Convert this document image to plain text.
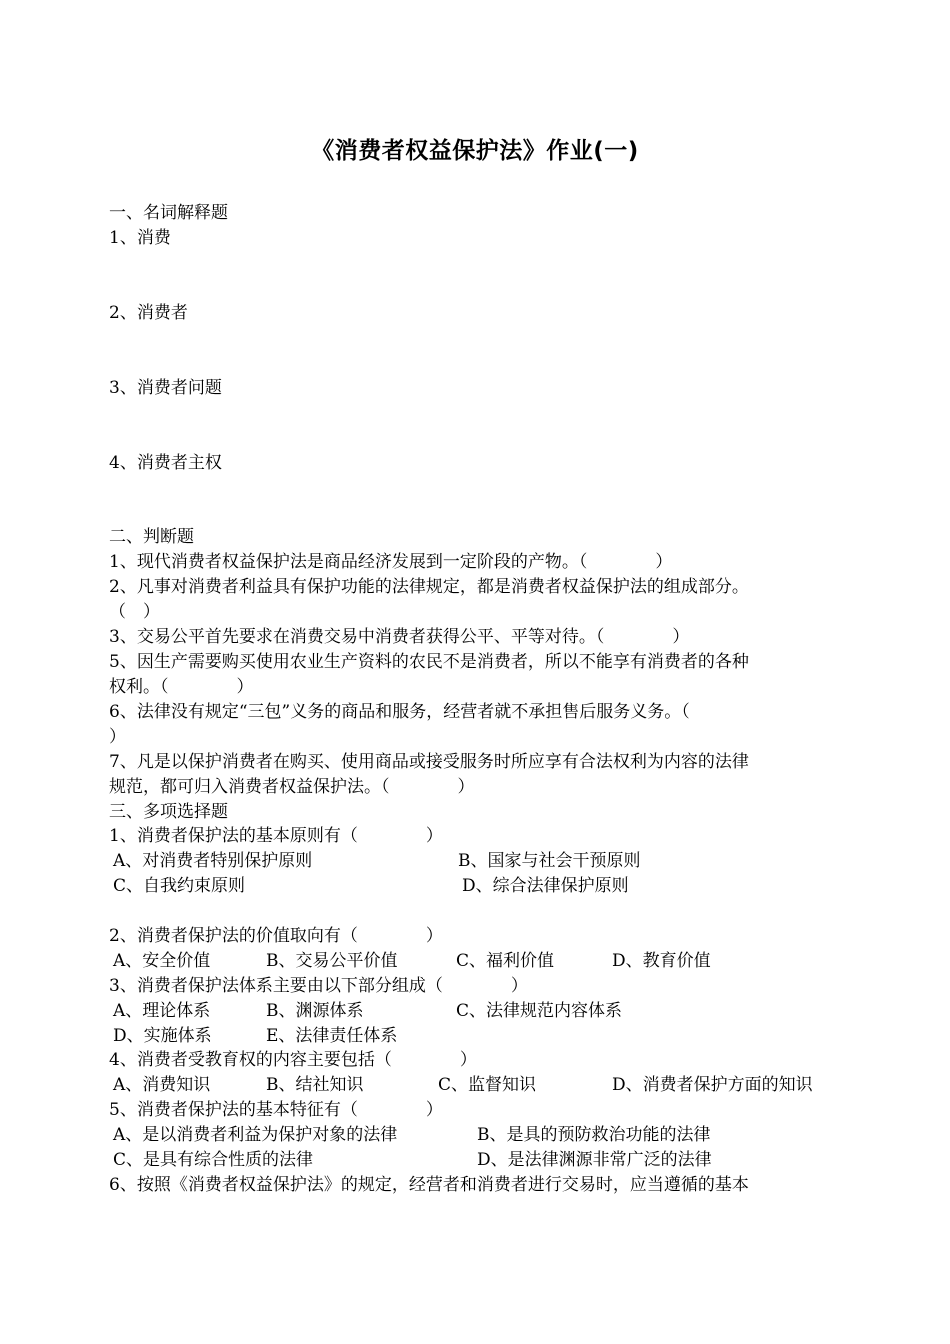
《消费者权益保护法》作业(一)
一、名词解释题
1、消费
2、消费者
3、消费者问题
4、消费者主权
二、判断题
1、现代消费者权益保护法是商品经济发展到一定阶段的产物。（　　　　）
2、凡事对消费者利益具有保护功能的法律规定，都是消费者权益保护法的组成部分。
（　）
3、交易公平首先要求在消费交易中消费者获得公平、平等对待。（　　　　）
5、因生产需要购买使用农业生产资料的农民不是消费者，所以不能享有消费者的各种
权利。（　　　　）
6、法律没有规定“三包”义务的商品和服务，经营者就不承担售后服务义务。（
）
7、凡是以保护消费者在购买、使用商品或接受服务时所应享有合法权利为内容的法律
规范，都可归入消费者权益保护法。（　　　　）
三、多项选择题
1、消费者保护法的基本原则有（　　　　）
A、对消费者特别保护原则	B、国家与社会干预原则
C、自我约束原则	D、综合法律保护原则
2、消费者保护法的价值取向有（　　　　）
A、安全价值	B、交易公平价值	C、福利价值	D、教育价值
3、消费者保护法体系主要由以下部分组成（　　　　）
A、理论体系	B、渊源体系	C、法律规范内容体系
D、实施体系	E、法律责任体系
4、消费者受教育权的内容主要包括（　　　　）
A、消费知识	B、结社知识	C、监督知识	D、消费者保护方面的知识
5、消费者保护法的基本特征有（　　　　）
A、是以消费者利益为保护对象的法律	B、是具的预防救治功能的法律
C、是具有综合性质的法律	D、是法律渊源非常广泛的法律
6、按照《消费者权益保护法》的规定，经营者和消费者进行交易时，应当遵循的基本
